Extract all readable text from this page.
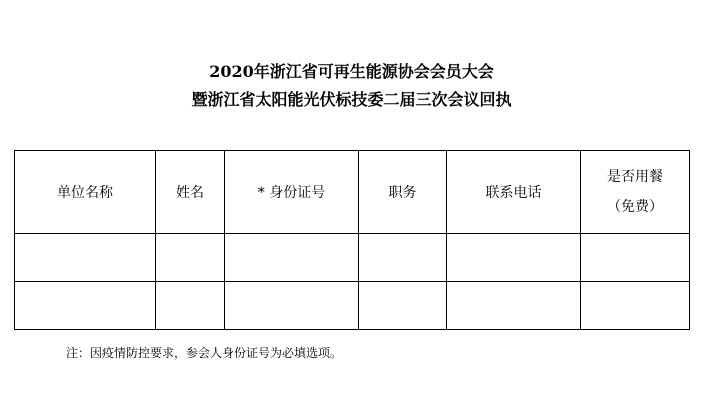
2020年浙江省可再生能源协会会员大会
暨浙江省太阳能光伏标技委二届三次会议回执
单位名称	姓名	* 身份证号	职务	联系电话	是否用餐
（免费）

注：因疫情防控要求，参会人身份证号为必填选项。
